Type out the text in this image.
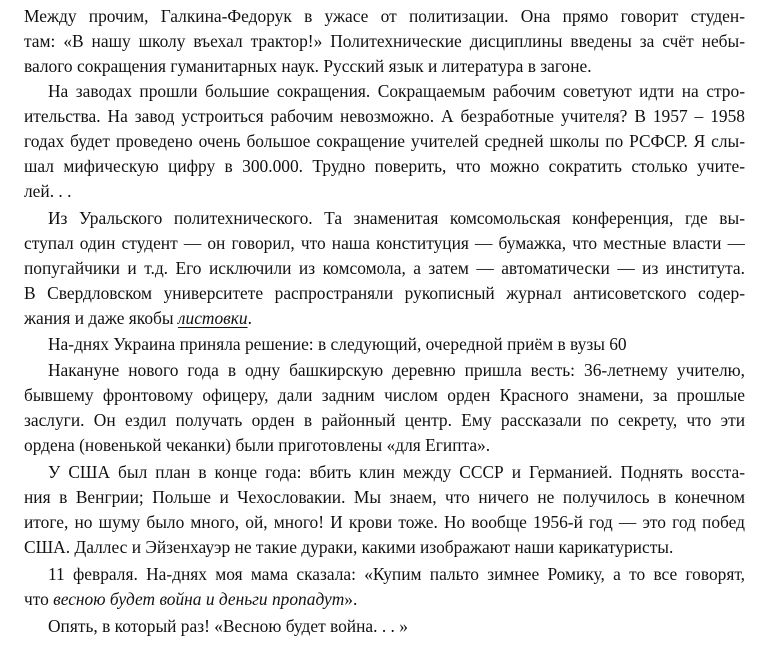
Между прочим, Галкина-Федорук в ужасе от политизации. Она прямо говорит студен-
там: «В нашу школу въехал трактор!» Политехнические дисциплины введены за счёт небы-
валого сокращения гуманитарных наук. Русский язык и литература в загоне.
На заводах прошли большие сокращения. Сокращаемым рабочим советуют идти на стро-
ительства. На завод устроиться рабочим невозможно. А безработные учителя? В 1957 – 1958
годах будет проведено очень большое сокращение учителей средней школы по РСФСР. Я слы-
шал мифическую цифру в 300.000. Трудно поверить, что можно сократить столько учите-
лей. . .
Из Уральского политехнического. Та знаменитая комсомольская конференция, где вы-
ступал один студент — он говорил, что наша конституция — бумажка, что местные власти —
попугайчики и т.д. Его исключили из комсомола, а затем — автоматически — из института.
В Свердловском университете распространяли рукописный журнал антисоветского содер-
жания и даже якобы листовки.
На-днях Украина приняла решение: в следующий, очередной приём в вузы 60
Накануне нового года в одну башкирскую деревню пришла весть: 36-летнему учителю,
бывшему фронтовому офицеру, дали задним числом орден Красного знамени, за прошлые
заслуги. Он ездил получать орден в районный центр. Ему рассказали по секрету, что эти
ордена (новенькой чеканки) были приготовлены «для Египта».
У США был план в конце года: вбить клин между СССР и Германией. Поднять восста-
ния в Венгрии; Польше и Чехословакии. Мы знаем, что ничего не получилось в конечном
итоге, но шуму было много, ой, много! И крови тоже. Но вообще 1956-й год — это год побед
США. Даллес и Эйзенхауэр не такие дураки, какими изображают наши карикатуристы.
11 февраля. На-днях моя мама сказала: «Купим пальто зимнее Ромику, а то все говорят,
что весною будет война и деньги пропадут».
Опять, в который раз! «Весною будет война. . . »
